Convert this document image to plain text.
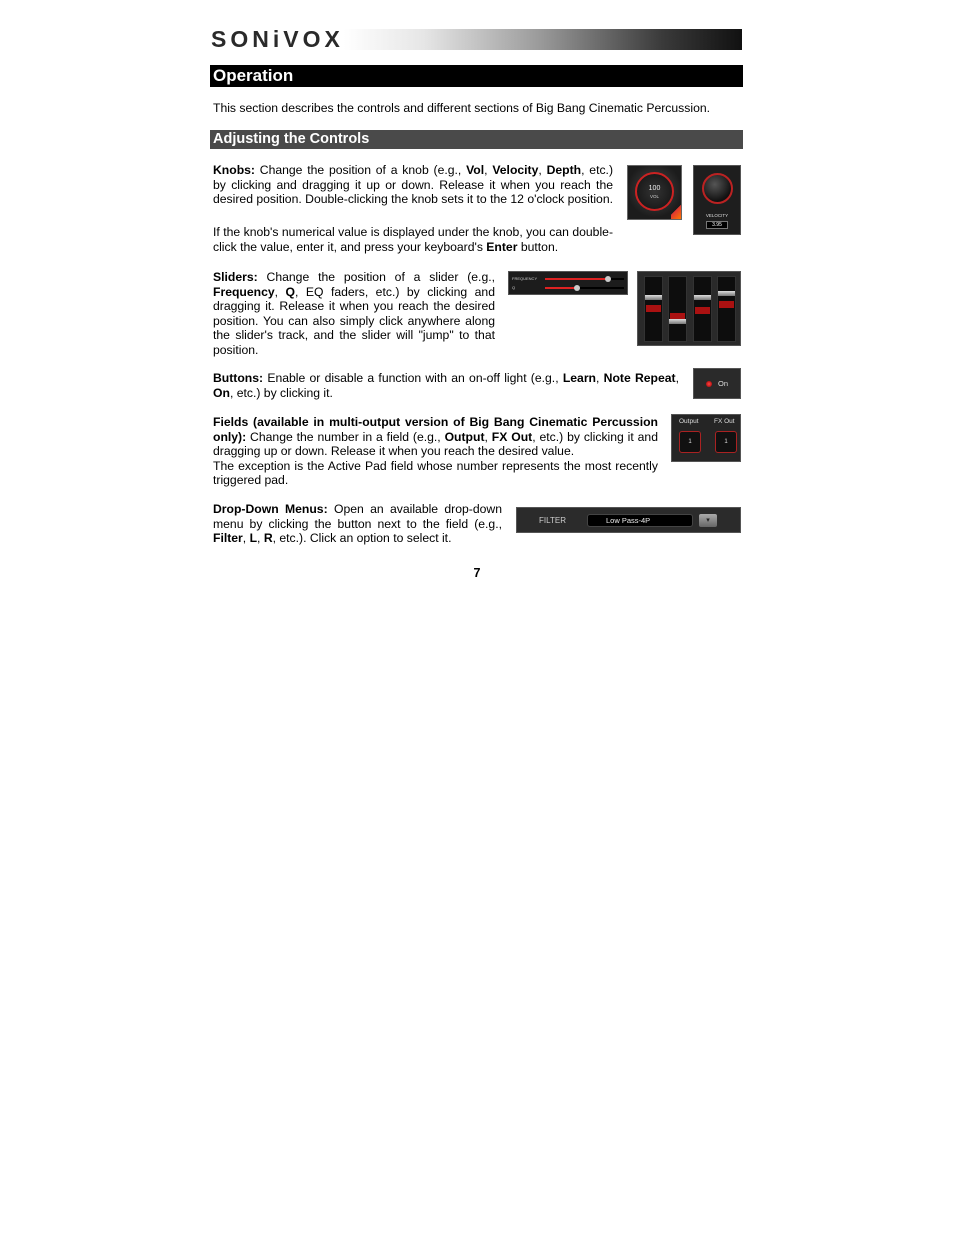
SONiVOX
Operation
This section describes the controls and different sections of Big Bang Cinematic Percussion.
Adjusting the Controls
Knobs: Change the position of a knob (e.g., Vol, Velocity, Depth, etc.) by clicking and dragging it up or down. Release it when you reach the desired position. Double-clicking the knob sets it to the 12 o'clock position.
If the knob's numerical value is displayed under the knob, you can double-click the value, enter it, and press your keyboard's Enter button.
100
VOL
VELOCITY
3.95
Sliders: Change the position of a slider (e.g., Frequency, Q, EQ faders, etc.) by clicking and dragging it. Release it when you reach the desired position. You can also simply click anywhere along the slider's track, and the slider will "jump" to that position.
FREQUENCY
Q
Buttons: Enable or disable a function with an on-off light (e.g., Learn, Note Repeat, On, etc.) by clicking it.
On
Fields (available in multi-output version of Big Bang Cinematic Percussion only): Change the number in a field (e.g., Output, FX Out, etc.) by clicking it and dragging up or down. Release it when you reach the desired value.
The exception is the Active Pad field whose number represents the most recently triggered pad.
Output FX Out
1	1
Drop-Down Menus: Open an available drop-down menu by clicking the button next to the field (e.g., Filter, L, R, etc.). Click an option to select it.
FILTER	Low Pass-4P	▾
7
